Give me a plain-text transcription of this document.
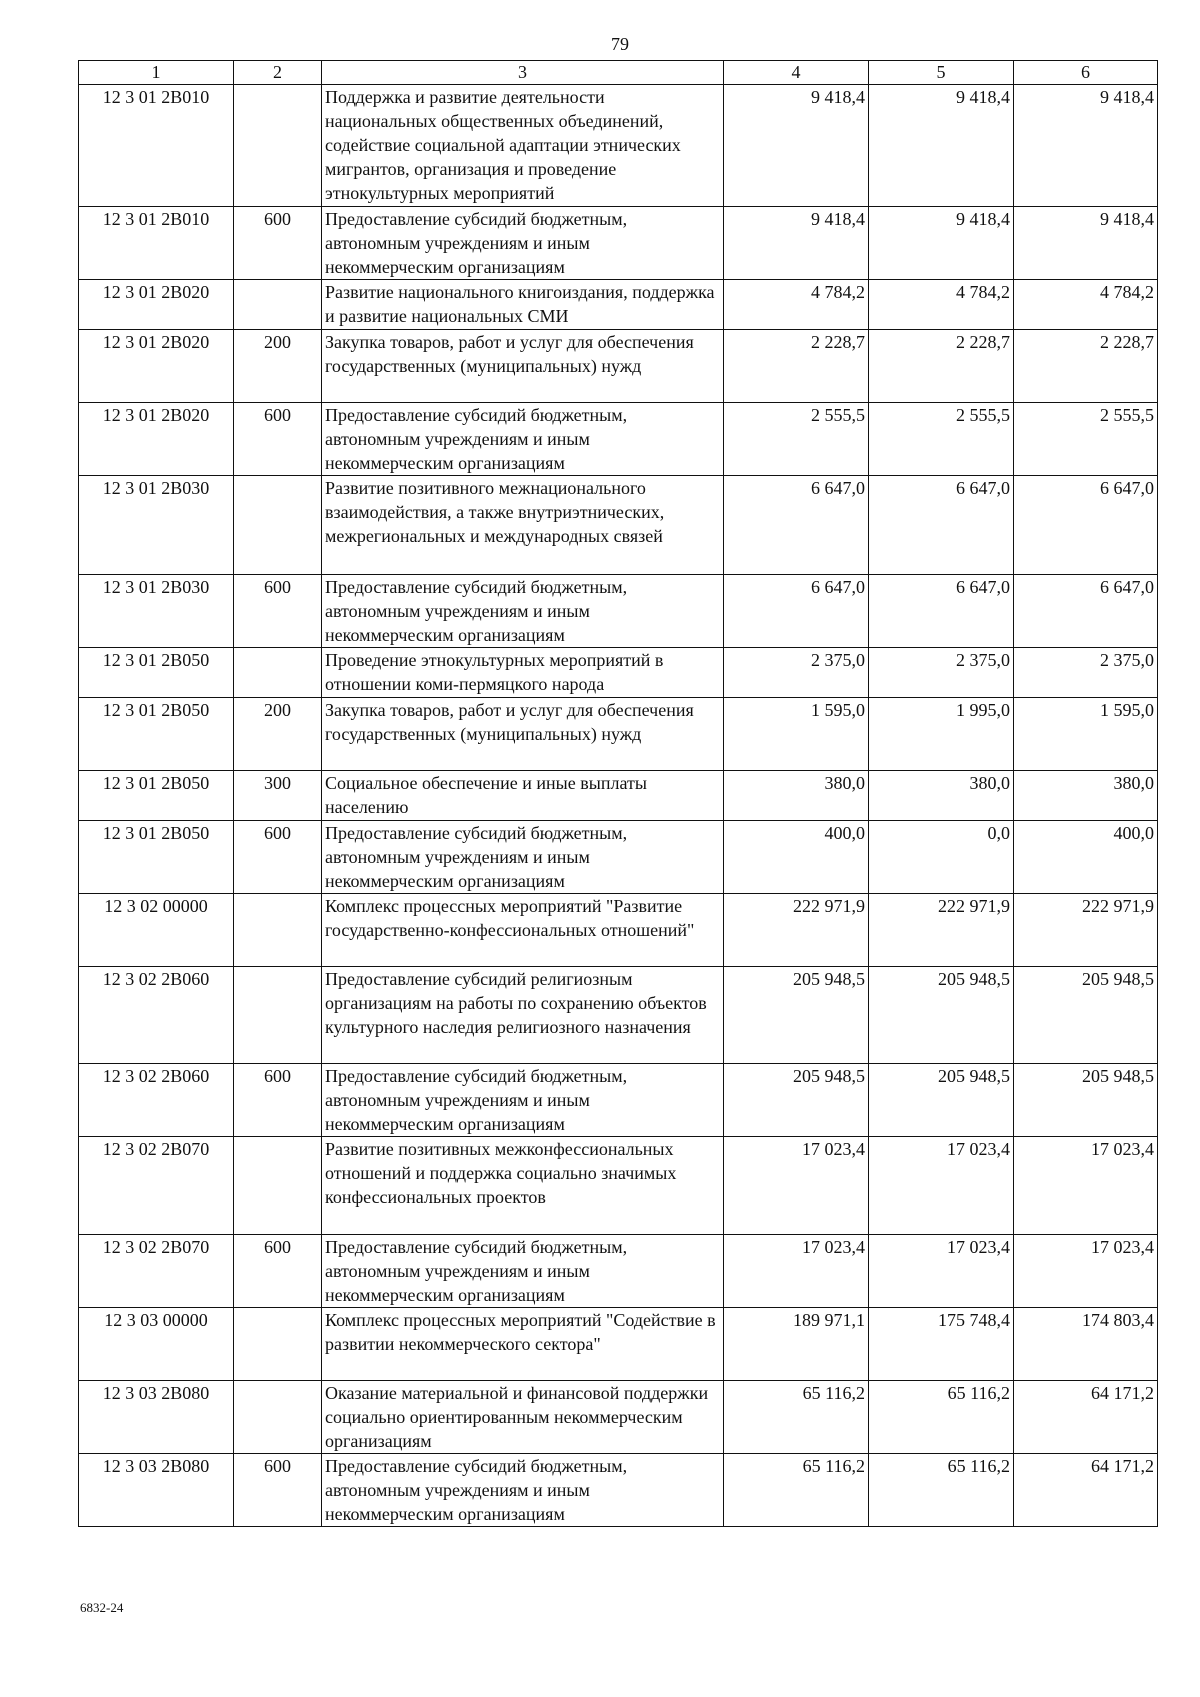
79
1	2	3	4	5	6
12 3 01 2В010		Поддержка и развитие деятельности национальных общественных объединений, содействие социальной адаптации этнических мигрантов, организация и проведение этнокультурных мероприятий	9 418,4	9 418,4	9 418,4
12 3 01 2В010	600	Предоставление субсидий бюджетным, автономным учреждениям и иным некоммерческим организациям	9 418,4	9 418,4	9 418,4
12 3 01 2В020		Развитие национального книгоиздания, поддержка и развитие национальных СМИ	4 784,2	4 784,2	4 784,2
12 3 01 2В020	200	Закупка товаров, работ и услуг для обеспечения государственных (муниципальных) нужд	2 228,7	2 228,7	2 228,7
12 3 01 2В020	600	Предоставление субсидий бюджетным, автономным учреждениям и иным некоммерческим организациям	2 555,5	2 555,5	2 555,5
12 3 01 2В030		Развитие позитивного межнационального взаимодействия, а также внутриэтнических, межрегиональных и международных связей	6 647,0	6 647,0	6 647,0
12 3 01 2В030	600	Предоставление субсидий бюджетным, автономным учреждениям и иным некоммерческим организациям	6 647,0	6 647,0	6 647,0
12 3 01 2В050		Проведение этнокультурных мероприятий в отношении коми-пермяцкого народа	2 375,0	2 375,0	2 375,0
12 3 01 2В050	200	Закупка товаров, работ и услуг для обеспечения государственных (муниципальных) нужд	1 595,0	1 995,0	1 595,0
12 3 01 2В050	300	Социальное обеспечение и иные выплаты населению	380,0	380,0	380,0
12 3 01 2В050	600	Предоставление субсидий бюджетным, автономным учреждениям и иным некоммерческим организациям	400,0	0,0	400,0
12 3 02 00000		Комплекс процессных мероприятий "Развитие государственно-конфессиональных отношений"	222 971,9	222 971,9	222 971,9
12 3 02 2В060		Предоставление субсидий религиозным организациям на работы по сохранению объектов культурного наследия религиозного назначения	205 948,5	205 948,5	205 948,5
12 3 02 2В060	600	Предоставление субсидий бюджетным, автономным учреждениям и иным некоммерческим организациям	205 948,5	205 948,5	205 948,5
12 3 02 2В070		Развитие позитивных межконфессиональных отношений и поддержка социально значимых конфессиональных проектов	17 023,4	17 023,4	17 023,4
12 3 02 2В070	600	Предоставление субсидий бюджетным, автономным учреждениям и иным некоммерческим организациям	17 023,4	17 023,4	17 023,4
12 3 03 00000		Комплекс процессных мероприятий "Содействие в развитии некоммерческого сектора"	189 971,1	175 748,4	174 803,4
12 3 03 2В080		Оказание материальной и финансовой поддержки социально ориентированным некоммерческим организациям	65 116,2	65 116,2	64 171,2
12 3 03 2В080	600	Предоставление субсидий бюджетным, автономным учреждениям и иным некоммерческим организациям	65 116,2	65 116,2	64 171,2
6832-24
